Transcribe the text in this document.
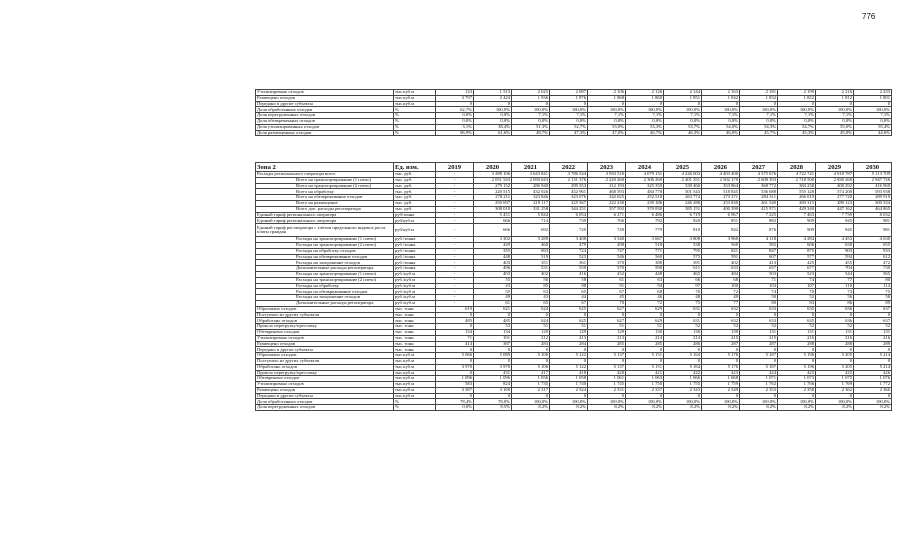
776
Утилизировано отходов	тыс.куб.м	123	1 513	2 025	2 087	2 106	2 126	2 144	2 163	2 181	2 199	2 216	2 233
Размещено отходов	тыс.куб.м	3 797	2 424	1 936	1 876	1 868	1 860	1 851	1 842	1 832	1 822	1 812	1 801
Передано в другие субъекты	тыс.куб.м	0	0	0	0	0	0	0	0	0	0	0	0
Доля обработанных отходов	%	62,7%	100,0%	100,0%	100,0%	100,0%	100,0%	100,0%	100,0%	100,0%	100,0%	100,0%	100,0%
Доля перегруженных отходов	%	0,0%	0,0%	7,1%	7,1%	7,1%	7,1%	7,1%	7,1%	7,1%	7,1%	7,1%	7,1%
Доля обезвреженных отходов	%	0,0%	0,0%	0,0%	0,0%	0,0%	0,0%	0,0%	0,0%	0,0%	0,0%	0,0%	0,0%
Доля утилизированных отходов	%	3,1%	38,4%	51,3%	52,7%	53,0%	53,3%	53,7%	54,0%	54,3%	54,7%	55,0%	55,4%
Доля размещенных отходов	%	96,9%	61,6%	48,7%	47,3%	47,0%	46,7%	46,3%	46,0%	45,7%	45,3%	45,0%	44,6%
Зона 2	Ед. изм.	2019	2020	2021	2022	2023	2024	2025	2026	2027	2028	2029	2030
Расходы регионального оператора всего	тыс. руб.	-	3 288 106	3 643 841	3 786 544	3 933 516	4 079 131	4 226 603	4 403 400	4 575 676	4 722 741	4 918 787	5 113 709
Всего на транспортирование (1 плечо)	тыс. руб.	-	2 051 543	2 050 643	2 131 376	2 220 260	2 306 260	2 401 351	2 502 170	2 608 393	2 718 500	2 830 268	2 947 726
Всего на транспортирование (2 плечо)	тыс. руб.	-	279 152	286 940	299 353	312 193	325 359	339 460	353 864	368 772	384 238	400 292	416 969
Всего на обработку	тыс. руб.	-	220 515	432 026	452 961	468 593	484 778	501 543	518 845	536 688	555 128	574 200	593 938
Всего на обезвреживание отходов	тыс. руб.	-	278 211	323 846	323 076	342 625	252 518	263 774	273 371	284 311	266 019	277 720	289 919
Всего на размещение	тыс. руб.	-	250 697	219 117	225 567	222 230	239 186	246 288	253 840	261 540	269 315	289 123	300 334
Всего доп. расходы регоператора	тыс. руб.	-	308 010	331 258	344 251	357 592	370 830	385 151	400 399	415 971	429 340	447 162	464 865
Единый тариф регионального оператора	руб/тонна	-	5 451	5 844	6 054	6 271	6 486	6 719	6 967	7 225	7 463	7 739	8 032
Единый тариф регионального оператора	руб/куб.м	-	666	714	739	766	792	820	851	882	909	945	981
Единый тариф рег.оператора с учётом предельного индекса роста платы граждан	руб/куб.м	-	666	692	720	749	779	810	842	876	909	945	981
Расходы на транспортирование (1 плечо)	руб./тонна	-	3 302	3 289	3 408	3 540	3 667	3 808	3 960	4 118	4 284	4 453	4 630
Расходы на транспортирование (2 плечо)	руб./тонна	-	449	460	479	498	518	538	560	582	606	630	655
Расходы на обработку отходов	руб./тонна	-	355	693	724	747	771	795	821	847	875	903	933
Расходы на обезвреживание отходов	руб./тонна	-	448	519	523	546	560	575	591	607	577	594	612
Расходы на захоронение отходов	руб./тонна	-	403	351	361	370	380	391	402	413	425	455	472
Дополнительные расходы регоператора	руб./тонна	-	496	531	550	570	590	611	633	657	677	704	730
Расходы на транспортирование (1 плечо)	руб./куб.м	-	403	402	416	432	448	465	484	503	523	544	565
Расходы на транспортирование (2 плечо)	руб./куб.м	-	55	56	58	61	63	66	68	71	74	77	80
Расходы на обработку	руб./куб.м	-	43	85	88	91	94	97	100	103	107	110	114
Расходы на обезвреживание отходов	руб./куб.м	-	55	63	65	67	68	70	72	74	70	73	75
Расходы на захоронение отходов	руб./куб.м	-	49	43	44	45	46	48	49	50	52	56	58
Дополнительные расходы регоператора	руб./куб.м	-	61	65	67	70	72	75	77	80	83	86	89
Образовано отходов	тыс. тонн	619	621	624	625	627	629	631	632	633	635	636	637
Поступило из других субъектов	тыс. тонн	0	0	0	0	0	0	0	0	0	0	0	0
Обработано отходов	тыс. тонн	485	485	624	625	627	629	631	632	633	635	636	637
Прошло перегрузку/прессовку	тыс. тонн	0	53	51	51	51	51	52	52	52	52	52	52
Обезврежено отходов	тыс. тонн	134	134	129	129	129	130	130	130	131	131	131	131
Утилизировано отходов	тыс. тонн	71	101	212	213	213	214	214	215	215	216	216	216
Размещено отходов	тыс. тонн	414	387	283	284	285	285	286	287	287	288	288	289
Передано в другие субъекты	тыс. тонн	0	0	0	0	0	0	0	0	0	0	0	0
Образовано отходов	тыс.куб.м	5 066	5 089	5 106	5 122	5 137	5 151	5 164	5 176	5 187	5 196	5 205	5 214
Поступило из других субъектов	тыс.куб.м	0	0	0	0	0	0	0	0	0	0	0	0
Обработано отходов	тыс.куб.м	3 970	3 970	5 106	5 122	5 137	5 151	5 164	5 176	5 187	5 196	5 205	5 214
Прошло перегрузку/прессовку	тыс.куб.м	0	431	417	418	420	421	422	423	424	425	425	426
Обезврежено отходов	тыс.куб.м	1 096	1 096	1 056	1 058	1 061	1 063	1 066	1 068	1 071	1 073	1 075	1 076
Утилизировано отходов	тыс.куб.м	583	824	1 735	1 740	1 745	1 750	1 755	1 759	1 762	1 766	1 769	1 772
Размещено отходов	тыс.куб.м	3 387	3 169	2 317	2 324	2 331	2 337	2 343	2 349	2 353	2 358	2 362	2 366
Передано в другие субъекты	тыс.куб.м	0	0	0	0	0	0	0	0	0	0	0	0
Доля обработанных отходов	%	78,4%	78,0%	100,0%	100,0%	100,0%	100,0%	100,0%	100,0%	100,0%	100,0%	100,0%	100,0%
Доля перегруженных отходов	%	0,0%	8,5%	8,2%	8,2%	8,2%	8,2%	8,2%	8,2%	8,2%	8,2%	8,2%	8,2%
